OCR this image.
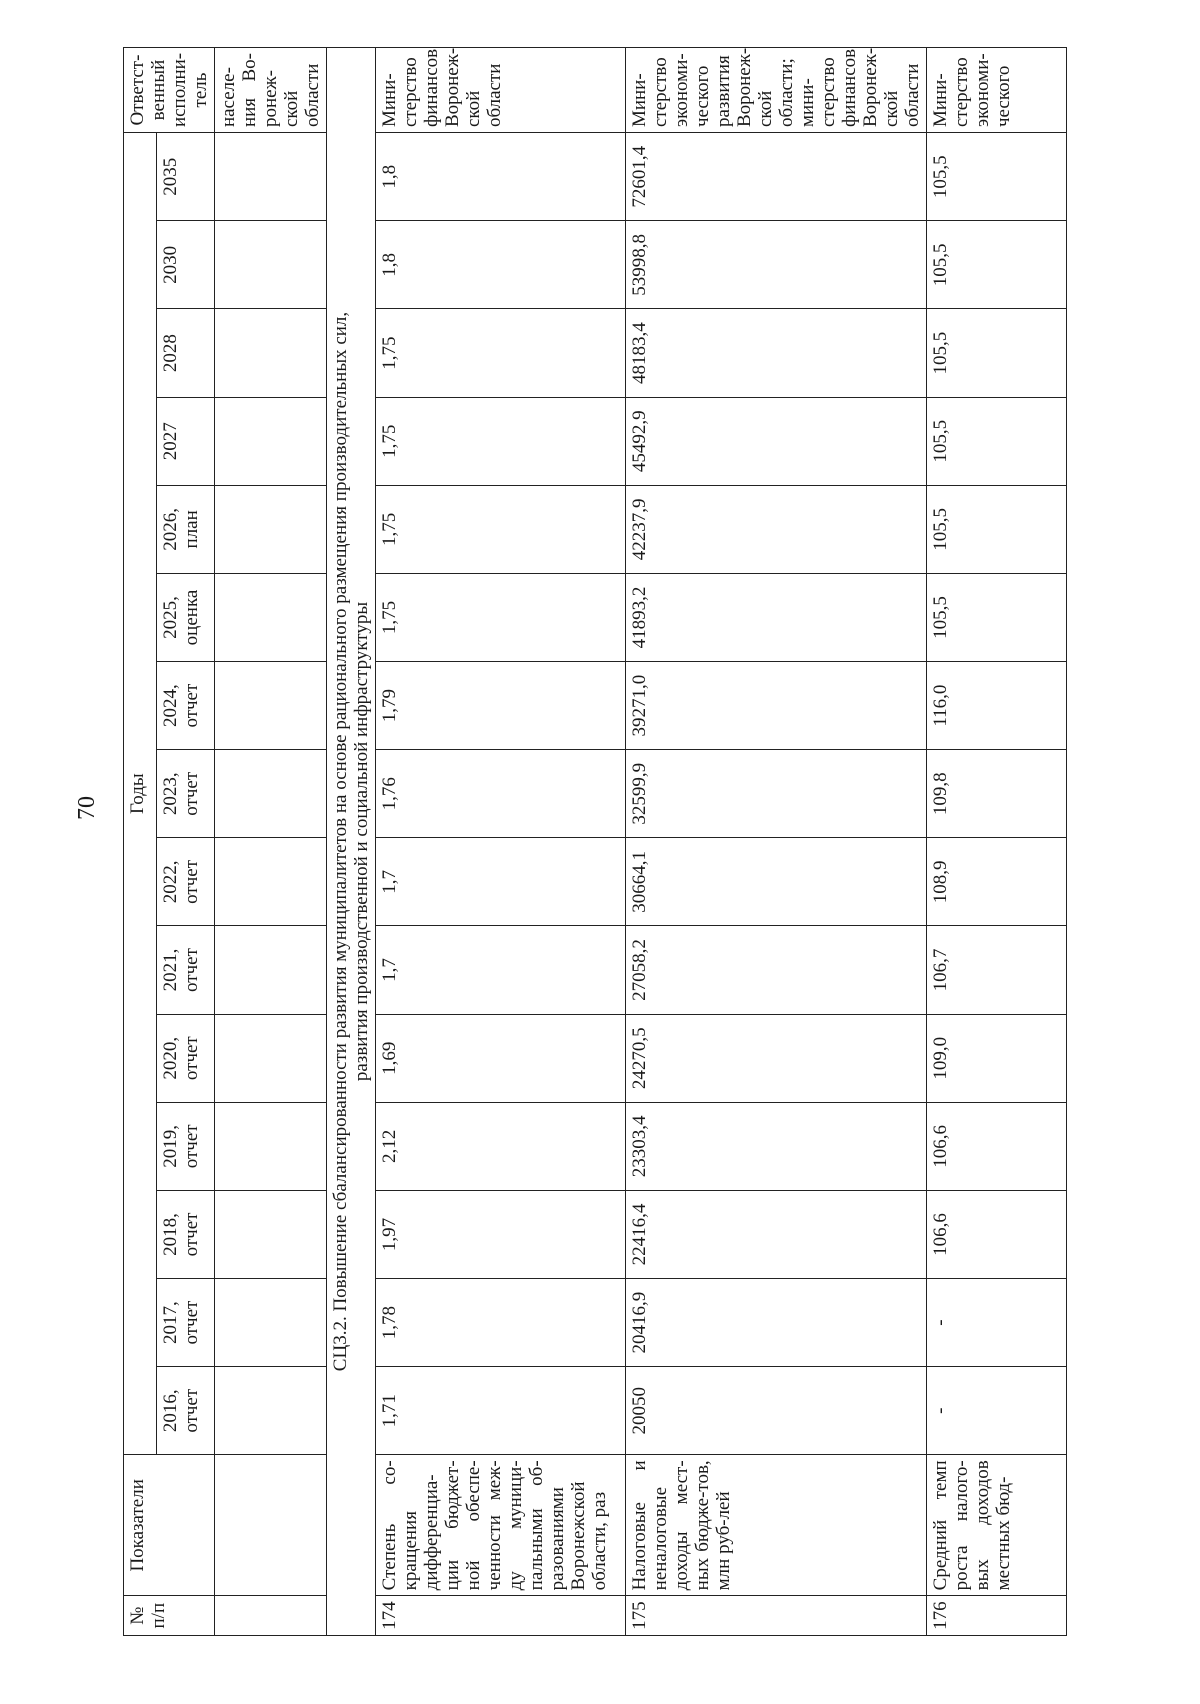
70
№ п/п	Показатели	Годы															Ответст-венный исполни-тель
		2016, отчет	2017, отчет	2018, отчет	2019, отчет	2020, отчет	2021, отчет	2022, отчет	2023, отчет	2024, отчет	2025, оценка	2026, план	2027	2028	2030	2035	
																	населе-ния Во-ронеж-ской области

СЦ3.2. Повышение сбалансированности развития муниципалитетов на основе рационального размещения производительных сил, развития производственной и социальной инфраструктуры																	

174	Степень со-кращения дифференциа-ции бюджет-ной обеспе-ченности меж-ду муници-пальными об-разованиями Воронежской области, раз	1,71	1,78	1,97	2,12	1,69	1,7	1,7	1,76	1,79	1,75	1,75	1,75	1,75	1,8	1,8	Мини-стерство финансов Воронеж-ской области
175	Налоговые и неналоговые доходы мест-ных бюдже-тов, млн руб-лей	20050	20416,9	22416,4	23303,4	24270,5	27058,2	30664,1	32599,9	39271,0	41893,2	42237,9	45492,9	48183,4	53998,8	72601,4	Мини-стерство экономи-ческого развития Воронеж-ской области; мини-стерство финансов Воронеж-ской области
176	Средний темп роста налого-вых доходов местных бюд-	-	-	106,6	106,6	109,0	106,7	108,9	109,8	116,0	105,5	105,5	105,5	105,5	105,5	105,5	Мини-стерство экономи-ческого
